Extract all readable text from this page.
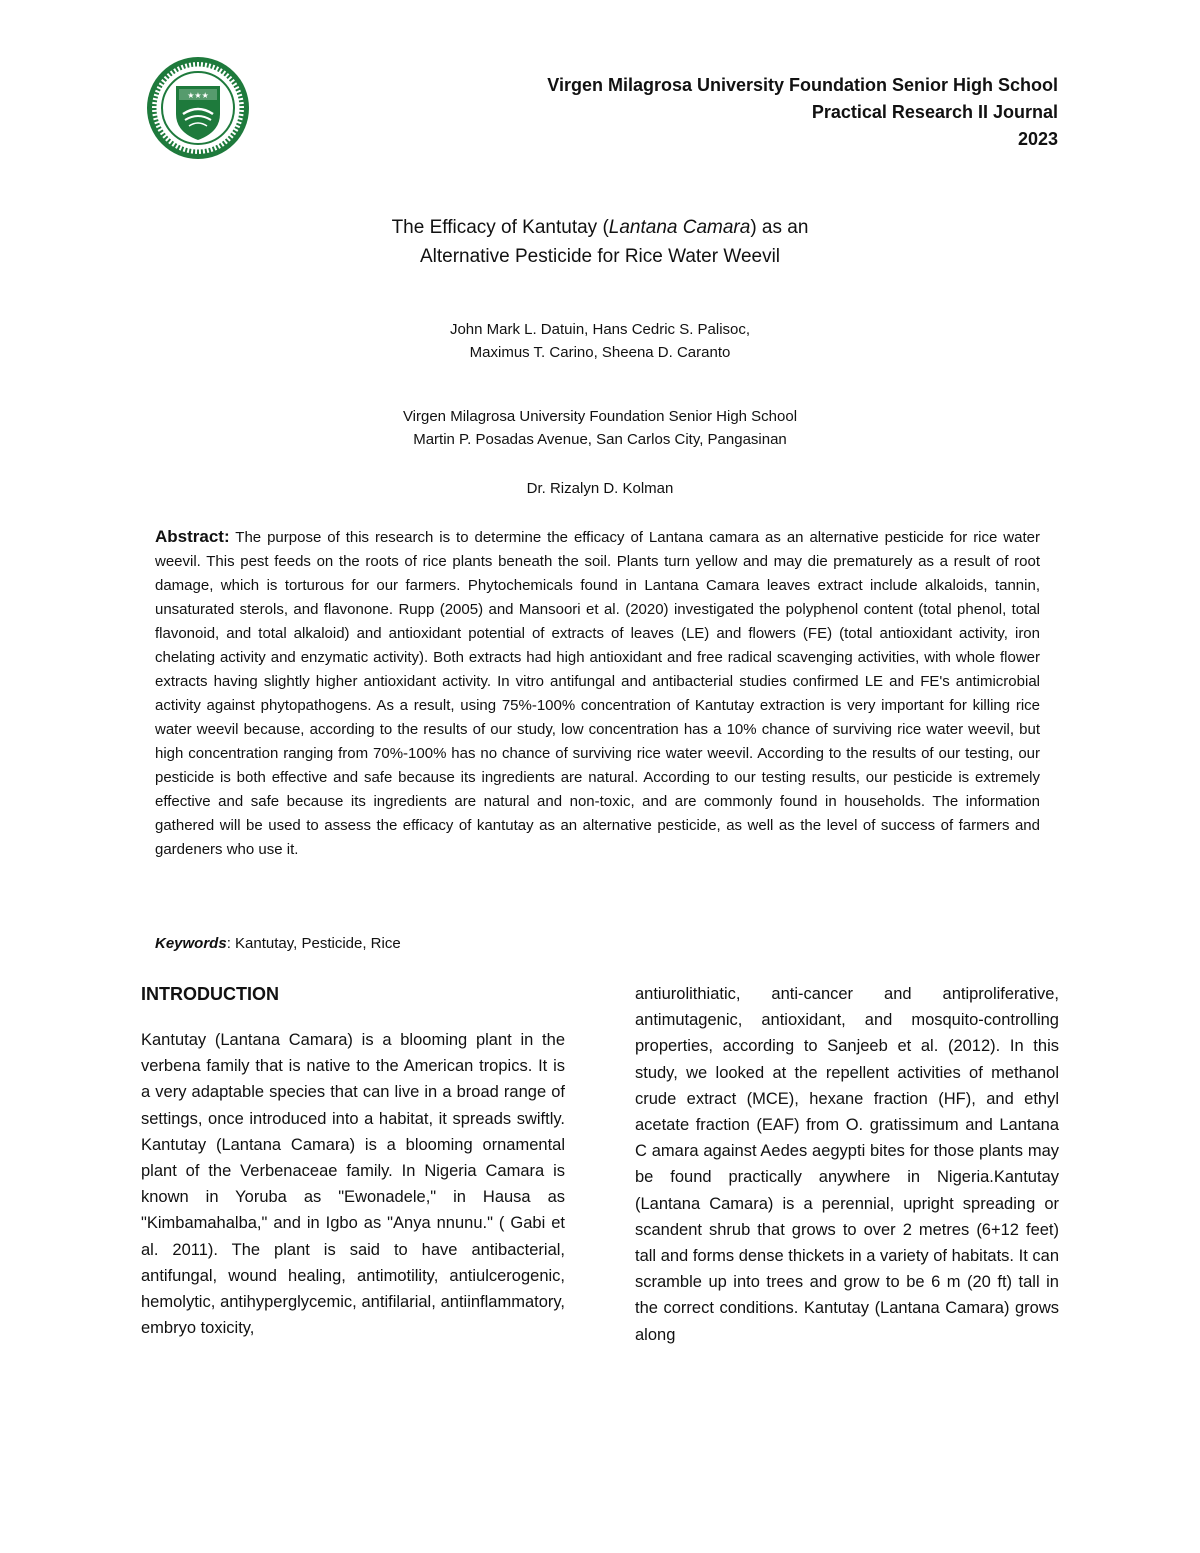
★★★
Virgen Milagrosa University Foundation Senior High School
Practical Research II Journal
2023
The Efficacy of Kantutay (Lantana Camara) as an
Alternative Pesticide for Rice Water Weevil
John Mark L. Datuin, Hans Cedric S. Palisoc,
Maximus T. Carino, Sheena D. Caranto
Virgen Milagrosa University Foundation Senior High School
Martin P. Posadas Avenue, San Carlos City, Pangasinan
Dr. Rizalyn D. Kolman
Abstract: The purpose of this research is to determine the efficacy of Lantana camara as an alternative pesticide for rice water weevil. This pest feeds on the roots of rice plants beneath the soil. Plants turn yellow and may die prematurely as a result of root damage, which is torturous for our farmers. Phytochemicals found in Lantana Camara leaves extract include alkaloids, tannin, unsaturated sterols, and flavonone. Rupp (2005) and Mansoori et al. (2020) investigated the polyphenol content (total phenol, total flavonoid, and total alkaloid) and antioxidant potential of extracts of leaves (LE) and flowers (FE) (total antioxidant activity, iron chelating activity and enzymatic activity). Both extracts had high antioxidant and free radical scavenging activities, with whole flower extracts having slightly higher antioxidant activity. In vitro antifungal and antibacterial studies confirmed LE and FE's antimicrobial activity against phytopathogens. As a result, using 75%-100% concentration of Kantutay extraction is very important for killing rice water weevil because, according to the results of our study, low concentration has a 10% chance of surviving rice water weevil, but high concentration ranging from 70%-100% has no chance of surviving rice water weevil. According to the results of our testing, our pesticide is both effective and safe because its ingredients are natural. According to our testing results, our pesticide is extremely effective and safe because its ingredients are natural and non-toxic, and are commonly found in households. The information gathered will be used to assess the efficacy of kantutay as an alternative pesticide, as well as the level of success of farmers and gardeners who use it.
Keywords: Kantutay, Pesticide, Rice
INTRODUCTION
Kantutay (Lantana Camara) is a blooming plant in the verbena family that is native to the American tropics. It is a very adaptable species that can live in a broad range of settings, once introduced into a habitat, it spreads swiftly. Kantutay (Lantana Camara) is a blooming ornamental plant of the Verbenaceae family. In Nigeria Camara is known in Yoruba as "Ewonadele," in Hausa as "Kimbamahalba," and in Igbo as "Anya nnunu." ( Gabi et al. 2011). The plant is said to have antibacterial, antifungal, wound healing, antimotility, antiulcerogenic, hemolytic, antihyperglycemic, antifilarial, antiinflammatory, embryo toxicity,
antiurolithiatic, anti-cancer and antiproliferative, antimutagenic, antioxidant, and mosquito-controlling properties, according to Sanjeeb et al. (2012). In this study, we looked at the repellent activities of methanol crude extract (MCE), hexane fraction (HF), and ethyl acetate fraction (EAF) from O. gratissimum and Lantana C amara against Aedes aegypti bites for those plants may be found practically anywhere in Nigeria.Kantutay (Lantana Camara) is a perennial, upright spreading or scandent shrub that grows to over 2 metres (6+12 feet) tall and forms dense thickets in a variety of habitats. It can scramble up into trees and grow to be 6 m (20 ft) tall in the correct conditions. Kantutay (Lantana Camara) grows along
